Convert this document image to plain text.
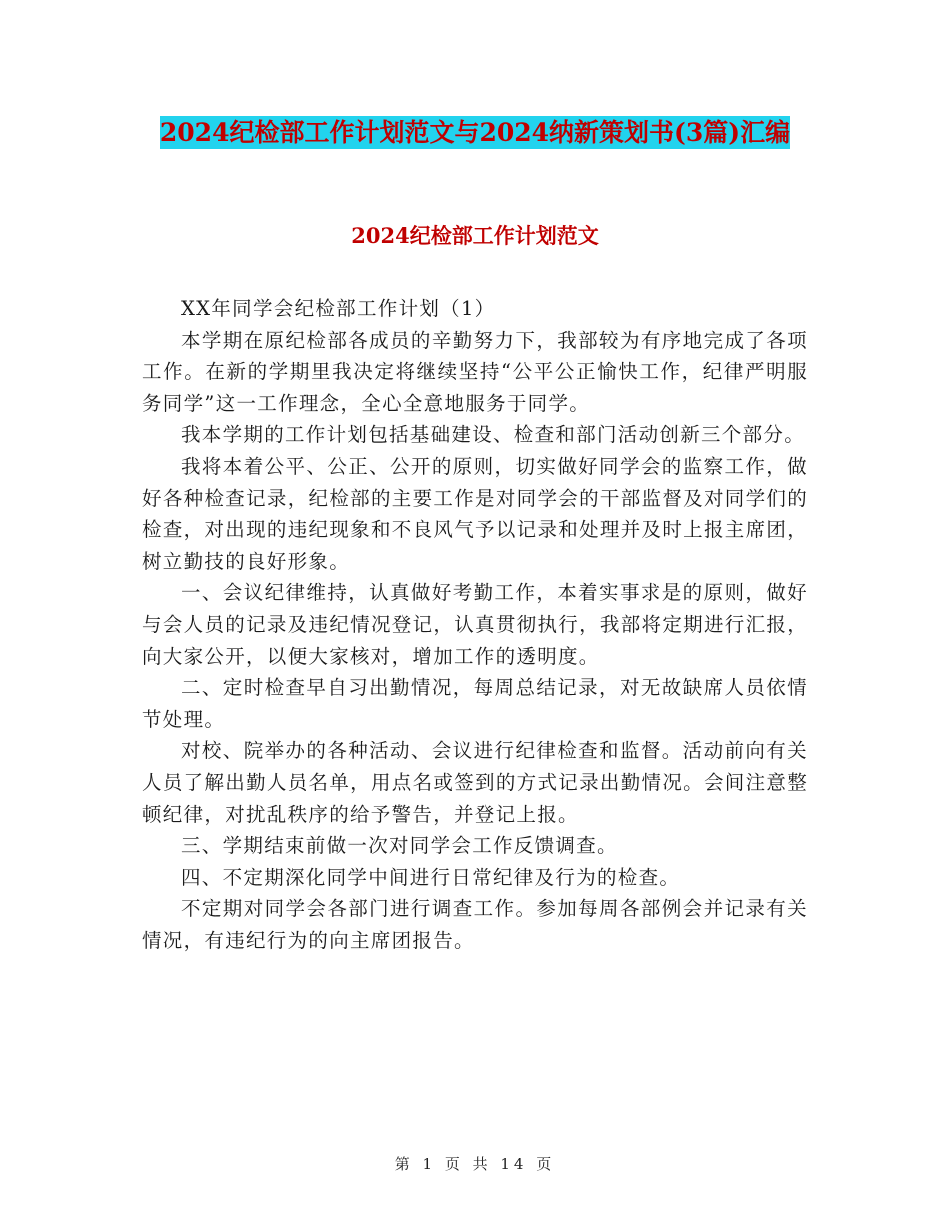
2024纪检部工作计划范文与2024纳新策划书(3篇)汇编
2024纪检部工作计划范文

XX年同学会纪检部工作计划（1）

本学期在原纪检部各成员的辛勤努力下，我部较为有序地完成了各项工作。在新的学期里我决定将继续坚持“公平公正愉快工作，纪律严明服务同学”这一工作理念，全心全意地服务于同学。

我本学期的工作计划包括基础建设、检查和部门活动创新三个部分。

我将本着公平、公正、公开的原则，切实做好同学会的监察工作，做好各种检查记录，纪检部的主要工作是对同学会的干部监督及对同学们的检查，对出现的违纪现象和不良风气予以记录和处理并及时上报主席团，树立勤技的良好形象。

一、会议纪律维持，认真做好考勤工作，本着实事求是的原则，做好与会人员的记录及违纪情况登记，认真贯彻执行，我部将定期进行汇报，向大家公开，以便大家核对，增加工作的透明度。

二、定时检查早自习出勤情况，每周总结记录，对无故缺席人员依情节处理。

对校、院举办的各种活动、会议进行纪律检查和监督。活动前向有关人员了解出勤人员名单，用点名或签到的方式记录出勤情况。会间注意整顿纪律，对扰乱秩序的给予警告，并登记上报。

三、学期结束前做一次对同学会工作反馈调查。

四、不定期深化同学中间进行日常纪律及行为的检查。

不定期对同学会各部门进行调查工作。参加每周各部例会并记录有关情况，有违纪行为的向主席团报告。

第 1 页 共 14 页
